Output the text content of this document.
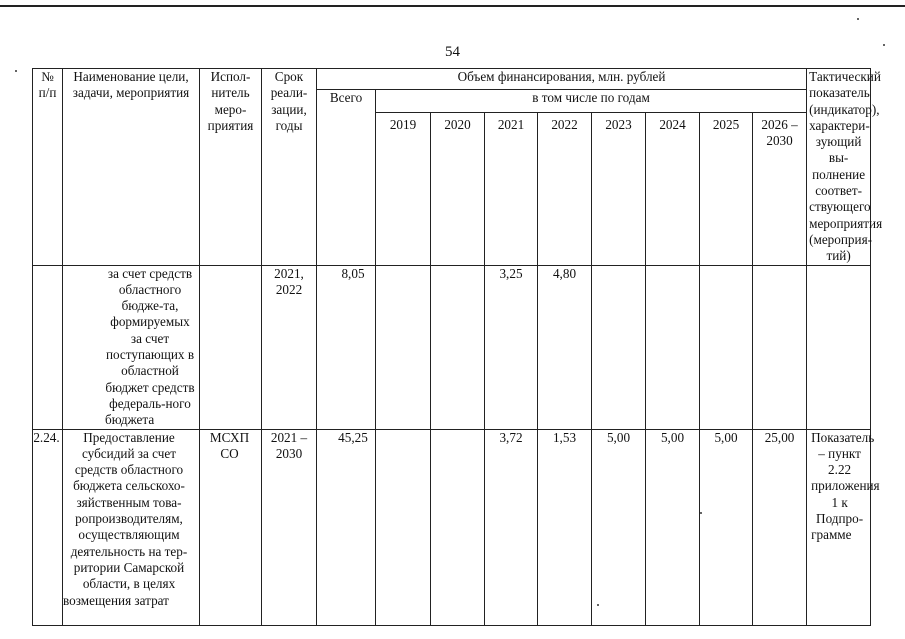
54
№ п/п	Наименование цели, задачи, мероприятия	Испол-нитель меро-приятия	Срок реали-зации, годы	Объем финансирования, млн. рублей									Тактический показатель (индикатор), характери-зующий вы-полнение соответ-ствующего мероприятия (мероприя-тий)
				Всего	в том числе по годам								
					2019	2020	2021	2022	2023	2024	2025	2026 – 2030	
	за счет средств областного бюдже-та, формируемых за счет поступающих в областной бюджет средств федераль-ного бюджета		2021, 2022	8,05			3,25	4,80					
2.24.	Предоставление субсидий за счет средств областного бюджета сельскохо-зяйственным това-ропроизводителям, осуществляющим деятельность на тер-ритории Самарской области, в целях возмещения затрат	МСХП СО	2021 – 2030	45,25			3,72	1,53	5,00	5,00	5,00	25,00	Показатель – пункт 2.22 приложения 1 к Подпро-грамме
